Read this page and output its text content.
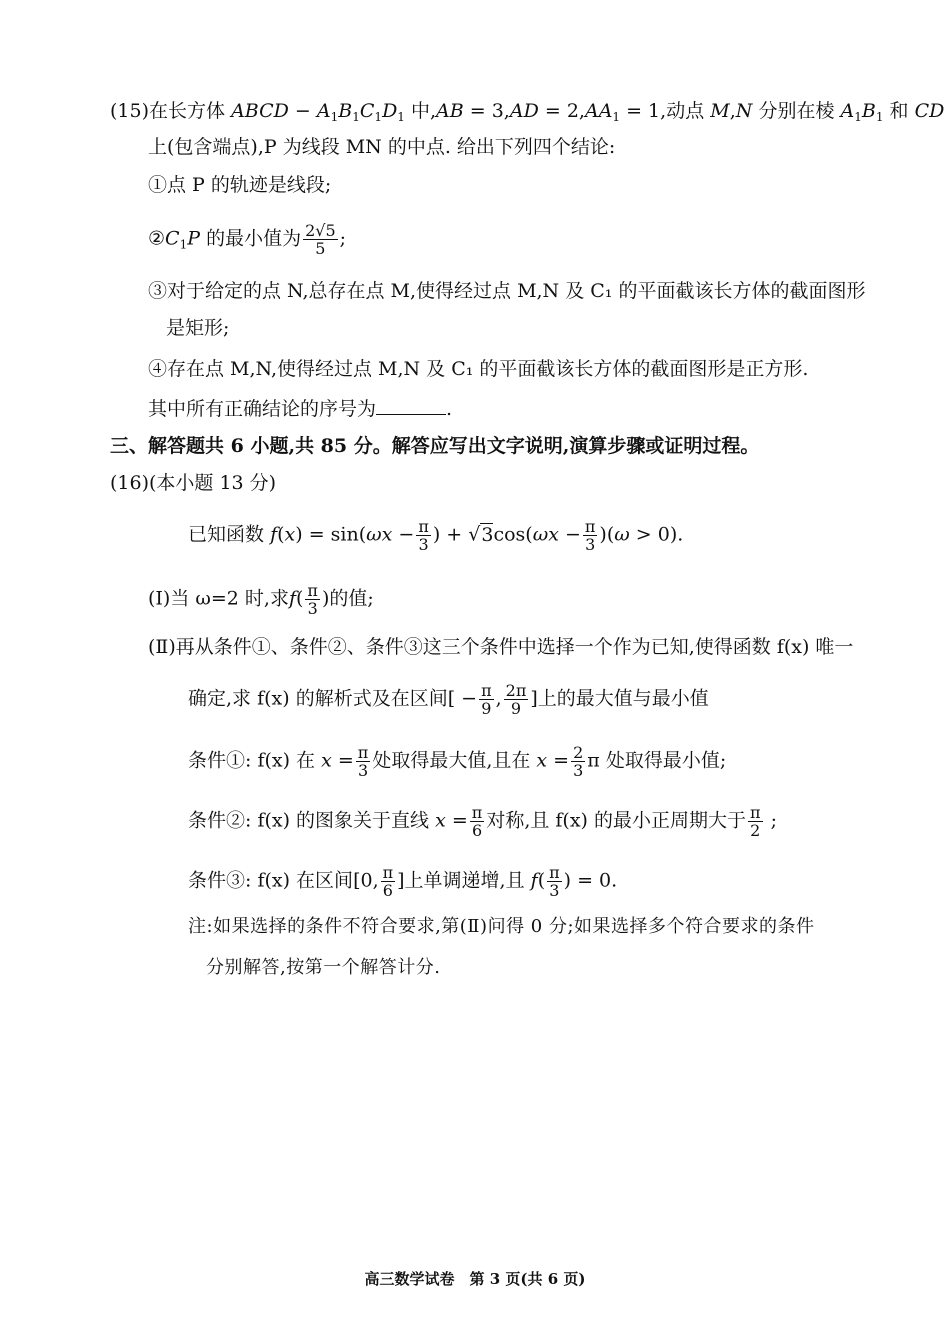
(15)在长方体 ABCD − $A_1B_1C_1D_1$ 中$,AB = 3,AD = 2,AA_1 = 1$,动点 M,N 分别在棱 $A_1B_1$ 和 CD
上(包含端点),P 为线段 MN 的中点. 给出下列四个结论:
①点 P 的轨迹是线段;
$②C_1P$ 的最小值为 $\frac{2√5}{5}$ ;
③对于给定的点 N,总存在点 M,使得经过点 M,N 及 C₁ 的平面截该长方体的截面图形
是矩形;
④存在点 M,N,使得经过点 M,N 及 C₁ 的平面截该长方体的截面图形是正方形.
其中所有正确结论的序号为	.
三、解答题共 6 小题,共 85 分。解答应写出文字说明,演算步骤或证明过程。
(16)(本小题 13 分)
已知函数 $f(x) = \sin(\omega x - \frac{\pi}{3}$ ) + $√3\cos(\omega x - \frac{\pi}{3} )(\omega > 0)$.
(Ⅰ)当 ω=2 时,求$f( \frac{\pi}{3}$ )的值;
(Ⅱ)再从条件①、条件②、条件③这三个条件中选择一个作为已知,使得函数 f(x) 唯一
确定,求 f(x) 的解析式及在区间[ − $\frac{\pi}{9}$ , $\frac{2\pi}{9}$ ]上的最大值与最小值
条件①: f(x) 在 $x = \frac{\pi}{3}$ 处取得最大值,且在 $x = \frac{2}{3}$ π 处取得最小值;
条件②: f(x) 的图象关于直线 $x = \frac{\pi}{6}$ 对称,且 f(x) 的最小正周期大于 $\frac{\pi}{2}$ ;
条件③: f(x) 在区间[0, $\frac{\pi}{6}$ ]上单调递增,且 $f( \frac{\pi}{3}$ ) = 0.
注:如果选择的条件不符合要求,第(Ⅱ)问得 0 分;如果选择多个符合要求的条件
分别解答,按第一个解答计分.
高三数学试卷　第 3 页(共 6 页)
